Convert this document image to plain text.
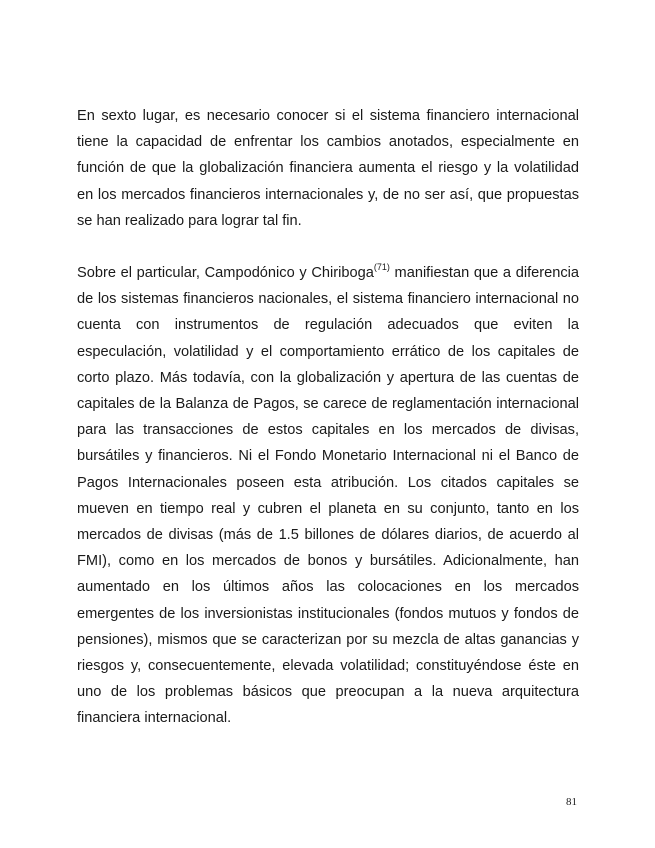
En sexto lugar, es necesario conocer si el sistema financiero internacional tiene la capacidad de enfrentar los cambios anotados, especialmente en función de que la globalización financiera aumenta el riesgo y la volatilidad en los mercados financieros internacionales y, de no ser así, que propuestas se han realizado para lograr tal fin.

Sobre el particular, Campodónico y Chiriboga$^{(71)}$ manifiestan que a diferencia de los sistemas financieros nacionales, el sistema financiero internacional no cuenta con instrumentos de regulación adecuados que eviten la especulación, volatilidad y el comportamiento errático de los capitales de corto plazo. Más todavía, con la globalización y apertura de las cuentas de capitales de la Balanza de Pagos, se carece de reglamentación internacional para las transacciones de estos capitales en los mercados de divisas, bursátiles y financieros. Ni el Fondo Monetario Internacional ni el Banco de Pagos Internacionales poseen esta atribución. Los citados capitales se mueven en tiempo real y cubren el planeta en su conjunto, tanto en los mercados de divisas (más de 1.5 billones de dólares diarios, de acuerdo al FMI), como en los mercados de bonos y bursátiles. Adicionalmente, han aumentado en los últimos años las colocaciones en los mercados emergentes de los inversionistas institucionales (fondos mutuos y fondos de pensiones), mismos que se caracterizan por su mezcla de altas ganancias y riesgos y, consecuentemente, elevada volatilidad; constituyéndose éste en uno de los problemas básicos que preocupan a la nueva arquitectura financiera internacional.

81
